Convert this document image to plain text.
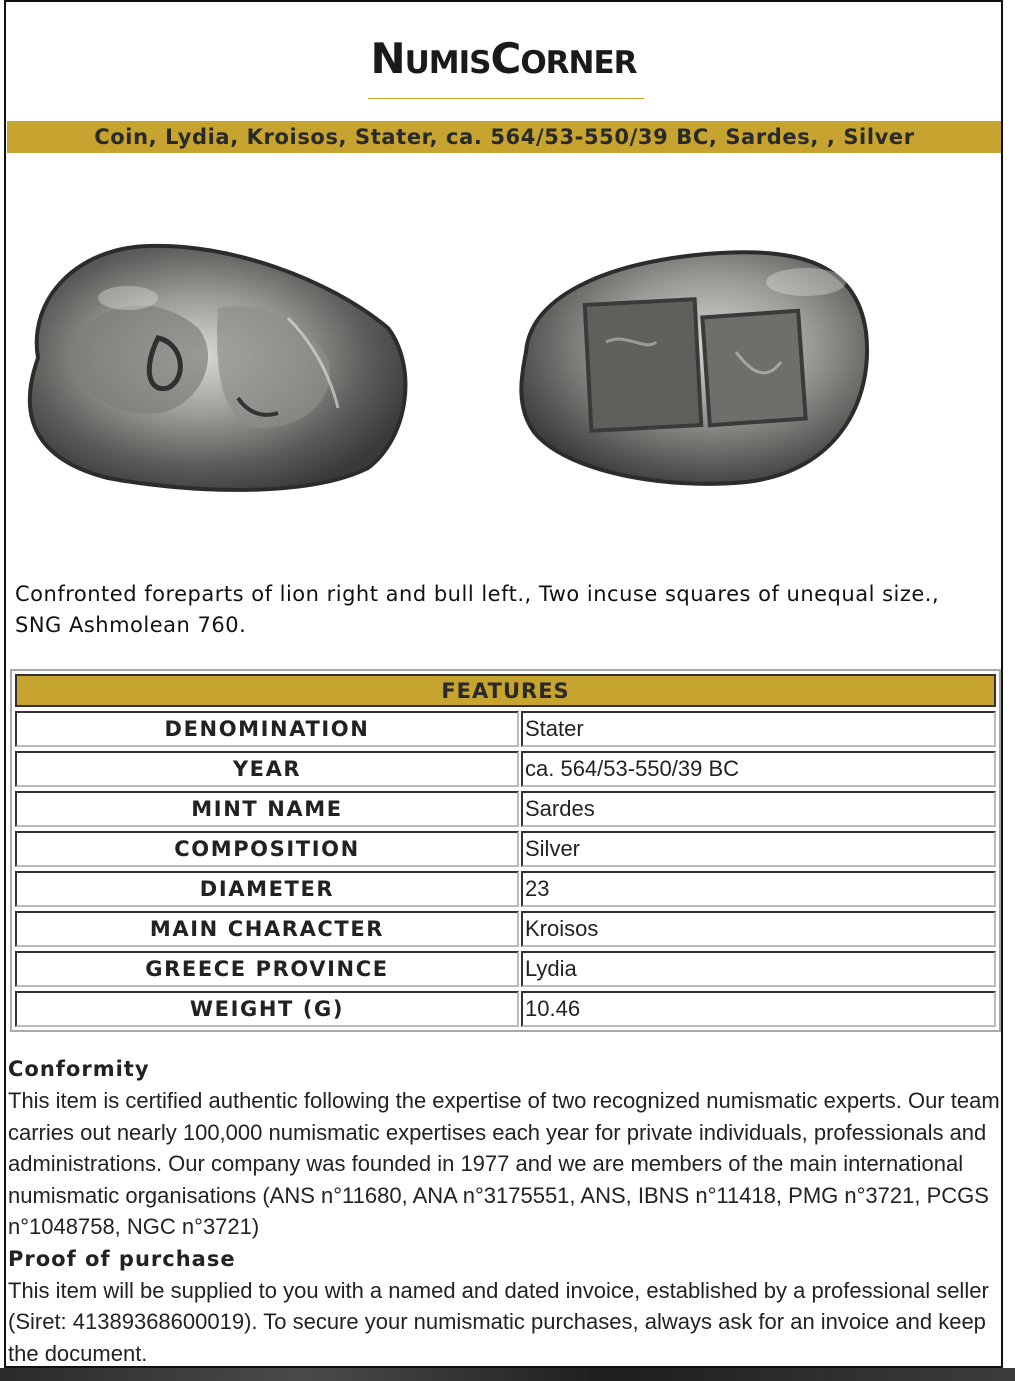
NUMISCORNER
Coin, Lydia, Kroisos, Stater, ca. 564/53-550/39 BC, Sardes, , Silver
Confronted foreparts of lion right and bull left., Two incuse squares of unequal size., SNG Ashmolean 760.
FEATURES
DENOMINATION	Stater
YEAR	ca. 564/53-550/39 BC
MINT NAME	Sardes
COMPOSITION	Silver
DIAMETER	23
MAIN CHARACTER	Kroisos
GREECE PROVINCE	Lydia
WEIGHT (G)	10.46

Conformity

This item is certified authentic following the expertise of two recognized numismatic experts. Our team carries out nearly 100,000 numismatic expertises each year for private individuals, professionals and administrations. Our company was founded in 1977 and we are members of the main international numismatic organisations (ANS n°11680, ANA n°3175551, ANS, IBNS n°11418, PMG n°3721, PCGS n°1048758, NGC n°3721)

Proof of purchase

This item will be supplied to you with a named and dated invoice, established by a professional seller (Siret: 41389368600019). To secure your numismatic purchases, always ask for an invoice and keep the document.
